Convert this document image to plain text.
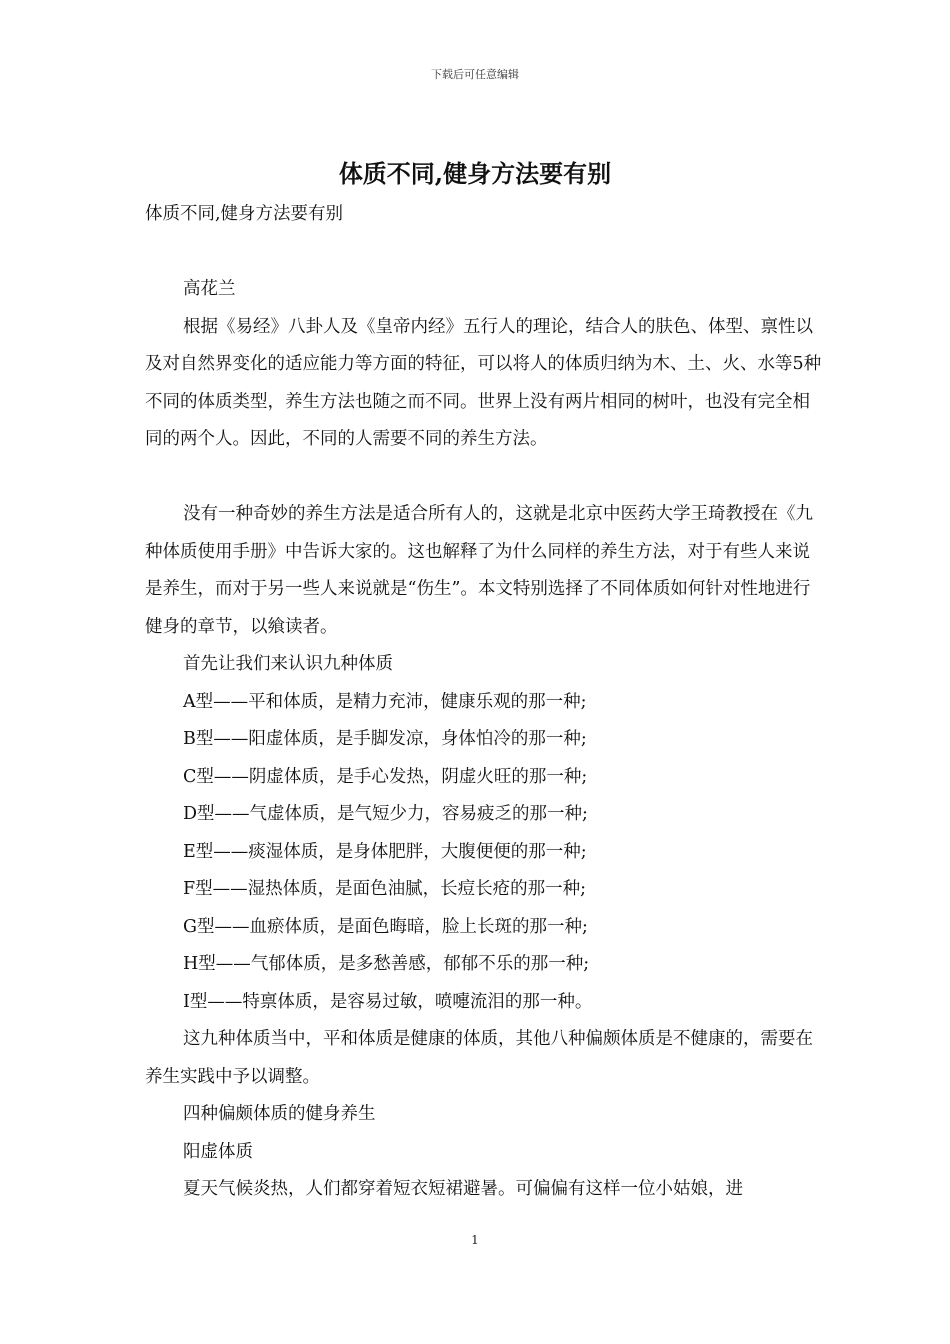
下载后可任意编辑
体质不同,健身方法要有别

体质不同,健身方法要有别

高花兰

根据《易经》八卦人及《皇帝内经》五行人的理论，结合人的肤色、体型、禀性以及对自然界变化的适应能力等方面的特征，可以将人的体质归纳为木、土、火、水等5种不同的体质类型，养生方法也随之而不同。世界上没有两片相同的树叶，也没有完全相同的两个人。因此，不同的人需要不同的养生方法。

没有一种奇妙的养生方法是适合所有人的，这就是北京中医药大学王琦教授在《九种体质使用手册》中告诉大家的。这也解释了为什么同样的养生方法，对于有些人来说是养生，而对于另一些人来说就是“伤生”。本文特别选择了不同体质如何针对性地进行健身的章节，以飨读者。

首先让我们来认识九种体质

A型——平和体质，是精力充沛，健康乐观的那一种;

B型——阳虚体质，是手脚发凉，身体怕冷的那一种;

C型——阴虚体质，是手心发热，阴虚火旺的那一种;

D型——气虚体质，是气短少力，容易疲乏的那一种;

E型——痰湿体质，是身体肥胖，大腹便便的那一种;

F型——湿热体质，是面色油腻，长痘长疮的那一种;

G型——血瘀体质，是面色晦暗，脸上长斑的那一种;

H型——气郁体质，是多愁善感，郁郁不乐的那一种;

I型——特禀体质，是容易过敏，喷嚏流泪的那一种。

这九种体质当中，平和体质是健康的体质，其他八种偏颇体质是不健康的，需要在养生实践中予以调整。

四种偏颇体质的健身养生

阳虚体质

夏天气候炎热，人们都穿着短衣短裙避暑。可偏偏有这样一位小姑娘，进

1
